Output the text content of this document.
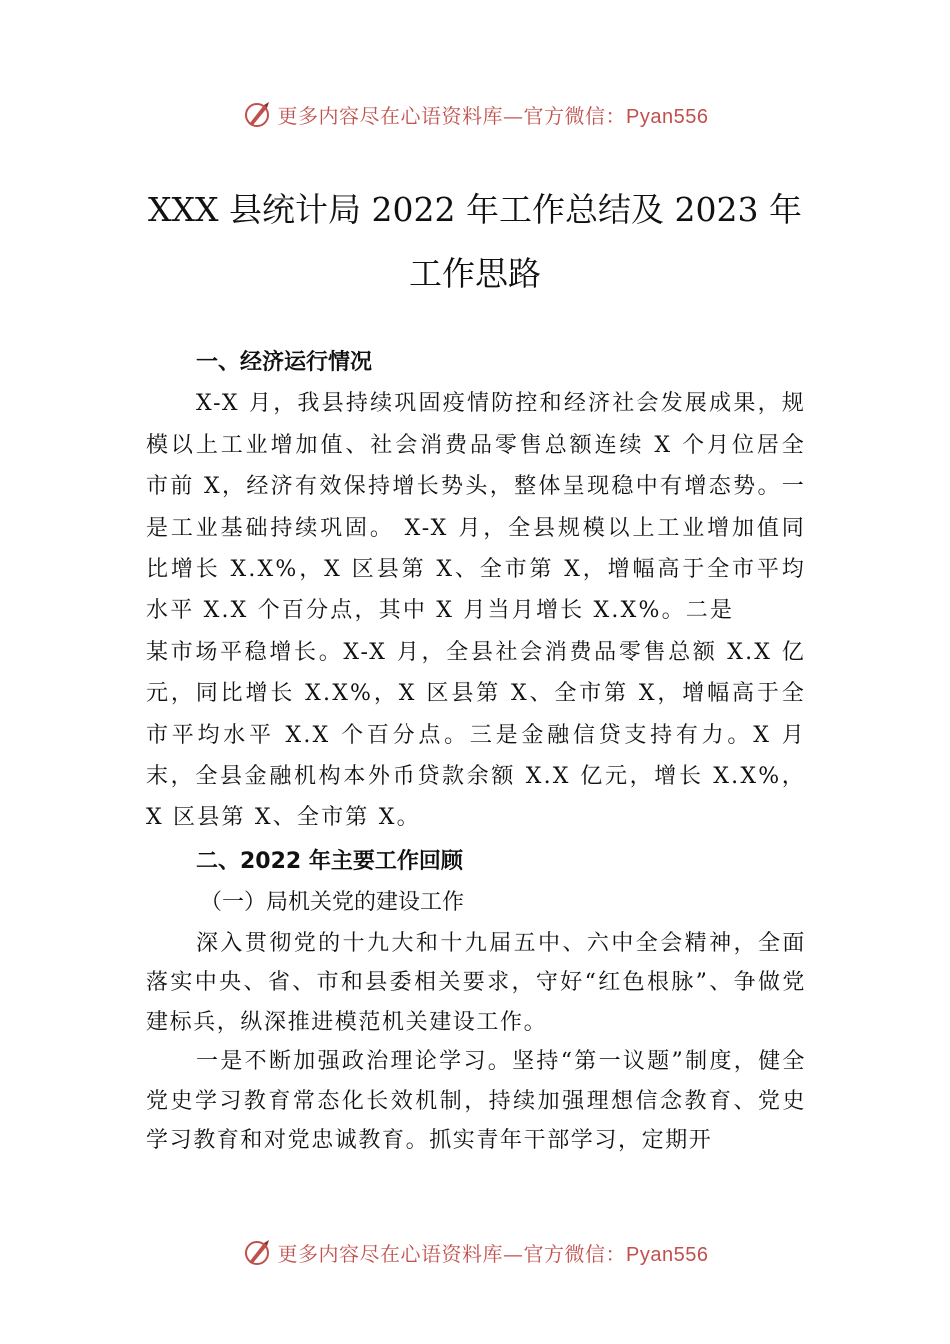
更多内容尽在心语资料库—官方微信：Pyan556
XXX 县统计局 2022 年工作总结及 2023 年
工作思路

一、经济运行情况

X-X 月，我县持续巩固疫情防控和经济社会发展成果，规模以上工业增加值、社会消费品零售总额连续 X 个月位居全市前 X，经济有效保持增长势头，整体呈现稳中有增态势。一是工业基础持续巩固。 X-X 月，全县规模以上工业增加值同比增长 X.X%，X 区县第 X、全市第 X，增幅高于全市平均水平 X.X 个百分点，其中 X 月当月增长 X.X%。二是

某市场平稳增长。X-X 月，全县社会消费品零售总额 X.X 亿元，同比增长 X.X%，X 区县第 X、全市第 X，增幅高于全市平均水平 X.X 个百分点。三是金融信贷支持有力。X 月末，全县金融机构本外币贷款余额 X.X 亿元，增长 X.X%，X 区县第 X、全市第 X。

二、2022 年主要工作回顾

（一）局机关党的建设工作

深入贯彻党的十九大和十九届五中、六中全会精神，全面落实中央、省、市和县委相关要求，守好“红色根脉”、争做党建标兵，纵深推进模范机关建设工作。

一是不断加强政治理论学习。坚持“第一议题”制度，健全党史学习教育常态化长效机制，持续加强理想信念教育、党史学习教育和对党忠诚教育。抓实青年干部学习，定期开

更多内容尽在心语资料库—官方微信：Pyan556
